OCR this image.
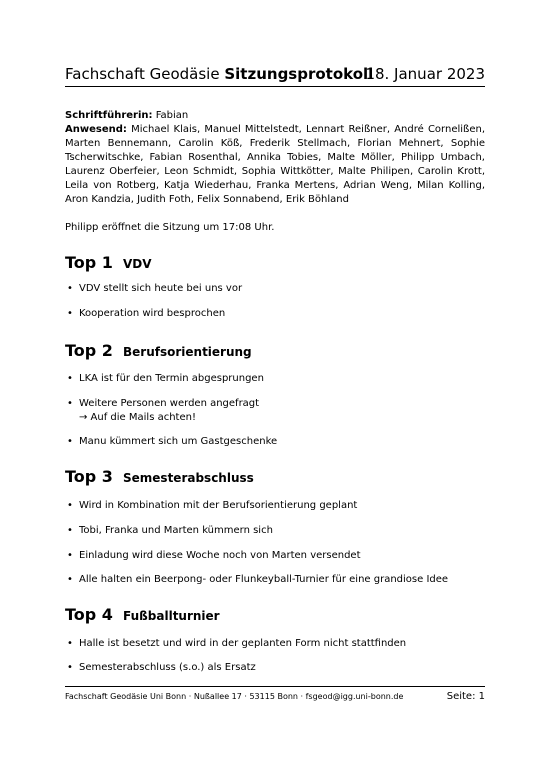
Fachschaft Geodäsie Sitzungsprotokoll
18. Januar 2023

Schriftführerin: Fabian

Anwesend: Michael Klais, Manuel Mittelstedt, Lennart Reißner, André Cornelißen, Marten Bennemann, Carolin Köß, Frederik Stellmach, Florian Mehnert, Sophie Tscherwitschke, Fabian Rosenthal, Annika Tobies, Malte Möller, Philipp Umbach, Laurenz Oberfeier, Leon Schmidt, Sophia Wittkötter, Malte Philipen, Carolin Krott, Leila von Rotberg, Katja Wiederhau, Franka Mertens, Adrian Weng, Milan Kolling, Aron Kandzia, Judith Foth, Felix Sonnabend, Erik Böhland

Philipp eröffnet die Sitzung um 17:08 Uhr.
Top 1 VDV
• VDV stellt sich heute bei uns vor
• Kooperation wird besprochen
Top 2 Berufsorientierung
• LKA ist für den Termin abgesprungen
• Weitere Personen werden angefragt
→ Auf die Mails achten!
• Manu kümmert sich um Gastgeschenke
Top 3 Semesterabschluss
• Wird in Kombination mit der Berufsorientierung geplant
• Tobi, Franka und Marten kümmern sich
• Einladung wird diese Woche noch von Marten versendet
• Alle halten ein Beerpong- oder Flunkeyball-Turnier für eine grandiose Idee
Top 4 Fußballturnier
• Halle ist besetzt und wird in der geplanten Form nicht stattfinden
• Semesterabschluss (s.o.) als Ersatz
Fachschaft Geodäsie Uni Bonn · Nußallee 17 · 53115 Bonn · fsgeod@igg.uni-bonn.de	Seite: 1
